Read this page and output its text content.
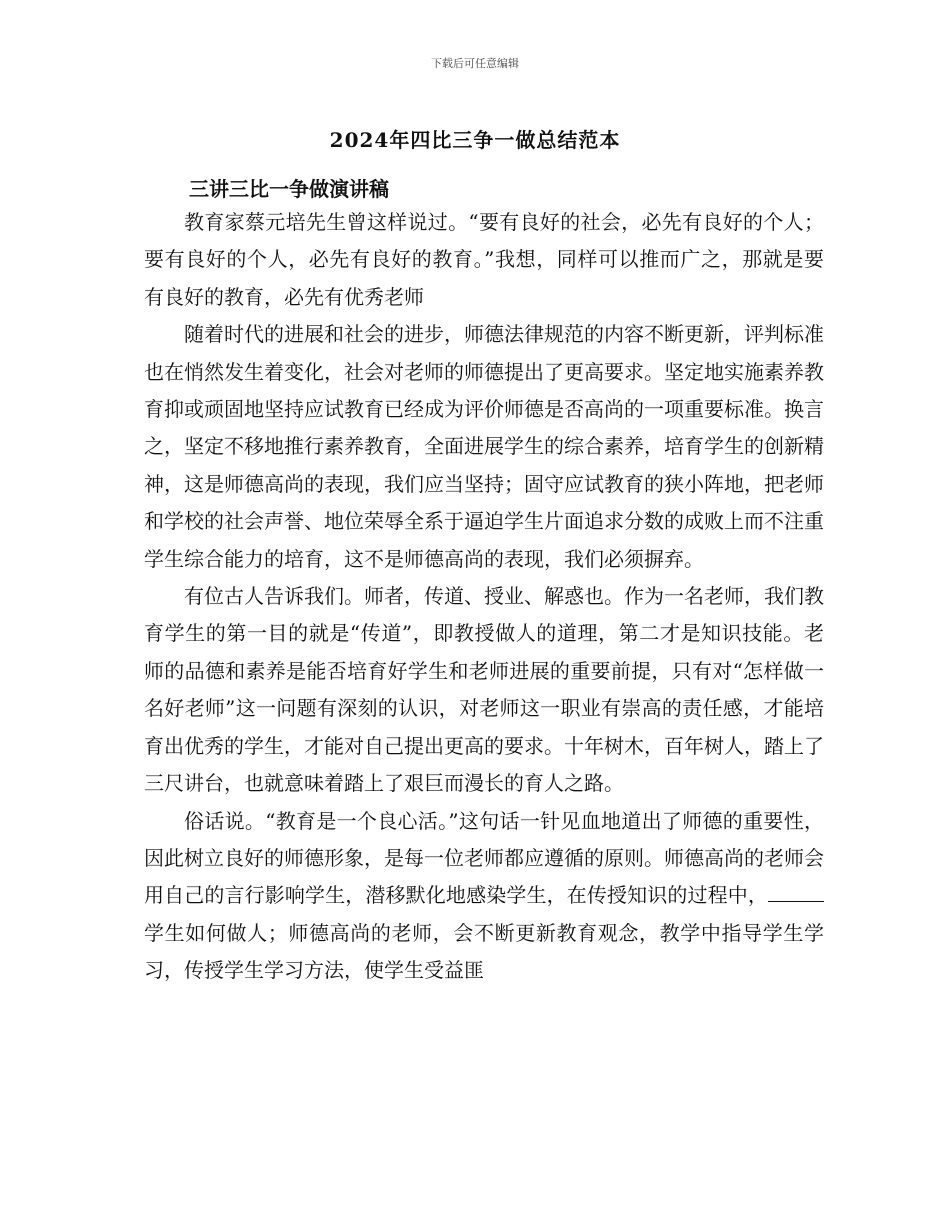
下载后可任意编辑
2024年四比三争一做总结范本
三讲三比一争做演讲稿

教育家蔡元培先生曾这样说过。“要有良好的社会，必先有良好的个人；要有良好的个人，必先有良好的教育。”我想，同样可以推而广之，那就是要有良好的教育，必先有优秀老师

随着时代的进展和社会的进步，师德法律规范的内容不断更新，评判标准也在悄然发生着变化，社会对老师的师德提出了更高要求。坚定地实施素养教育抑或顽固地坚持应试教育已经成为评价师德是否高尚的一项重要标准。换言之，坚定不移地推行素养教育，全面进展学生的综合素养，培育学生的创新精神，这是师德高尚的表现，我们应当坚持；固守应试教育的狭小阵地，把老师和学校的社会声誉、地位荣辱全系于逼迫学生片面追求分数的成败上而不注重学生综合能力的培育，这不是师德高尚的表现，我们必须摒弃。

有位古人告诉我们。师者，传道、授业、解惑也。作为一名老师，我们教育学生的第一目的就是“传道”，即教授做人的道理，第二才是知识技能。老师的品德和素养是能否培育好学生和老师进展的重要前提，只有对“怎样做一名好老师”这一问题有深刻的认识，对老师这一职业有崇高的责任感，才能培育出优秀的学生，才能对自己提出更高的要求。十年树木，百年树人，踏上了三尺讲台，也就意味着踏上了艰巨而漫长的育人之路。

俗话说。“教育是一个良心活。”这句话一针见血地道出了师德的重要性，因此树立良好的师德形象，是每一位老师都应遵循的原则。师德高尚的老师会用自己的言行影响学生，潜移默化地感染学生，在传授知识的过程中，学生如何做人；师德高尚的老师，会不断更新教育观念，教学中指导学生学习，传授学生学习方法，使学生受益匪
